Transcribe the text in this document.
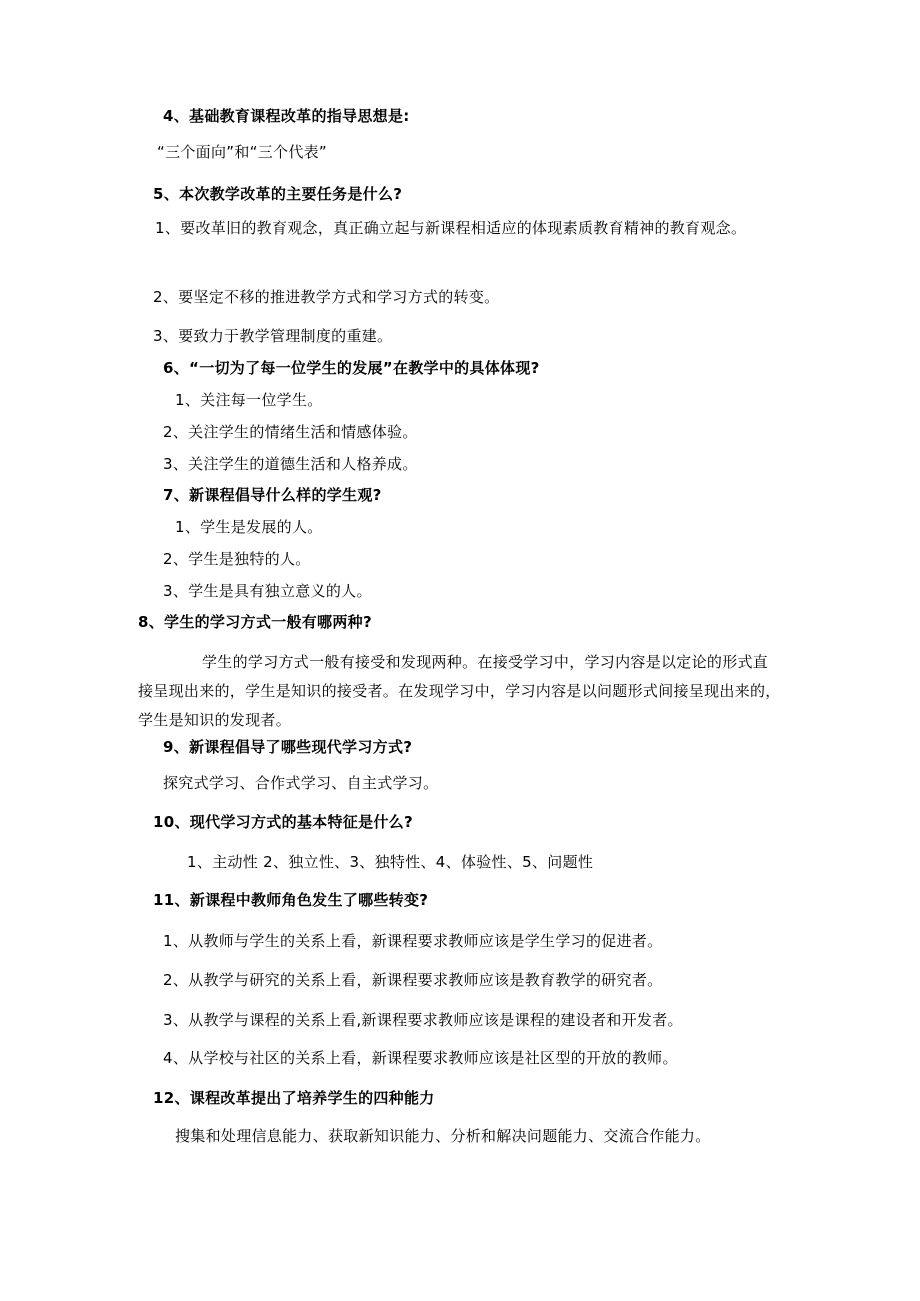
4、基础教育课程改革的指导思想是:

“三个面向”和“三个代表”

5、本次教学改革的主要任务是什么?

1、要改革旧的教育观念，真正确立起与新课程相适应的体现素质教育精神的教育观念。

2、要坚定不移的推进教学方式和学习方式的转变。

3、要致力于教学管理制度的重建。

6、“一切为了每一位学生的发展”在教学中的具体体现?

1、关注每一位学生。

2、关注学生的情绪生活和情感体验。

3、关注学生的道德生活和人格养成。

7、新课程倡导什么样的学生观?

1、学生是发展的人。

2、学生是独特的人。

3、学生是具有独立意义的人。

8、学生的学习方式一般有哪两种?

学生的学习方式一般有接受和发现两种。在接受学习中，学习内容是以定论的形式直接呈现出来的，学生是知识的接受者。在发现学习中，学习内容是以问题形式间接呈现出来的，学生是知识的发现者。

9、新课程倡导了哪些现代学习方式?

探究式学习、合作式学习、自主式学习。

10、现代学习方式的基本特征是什么?

1、主动性 2、独立性、3、独特性、4、体验性、5、问题性

11、新课程中教师角色发生了哪些转变?

1、从教师与学生的关系上看，新课程要求教师应该是学生学习的促进者。

2、从教学与研究的关系上看，新课程要求教师应该是教育教学的研究者。

3、从教学与课程的关系上看,新课程要求教师应该是课程的建设者和开发者。

4、从学校与社区的关系上看，新课程要求教师应该是社区型的开放的教师。

12、课程改革提出了培养学生的四种能力

搜集和处理信息能力、获取新知识能力、分析和解决问题能力、交流合作能力。
